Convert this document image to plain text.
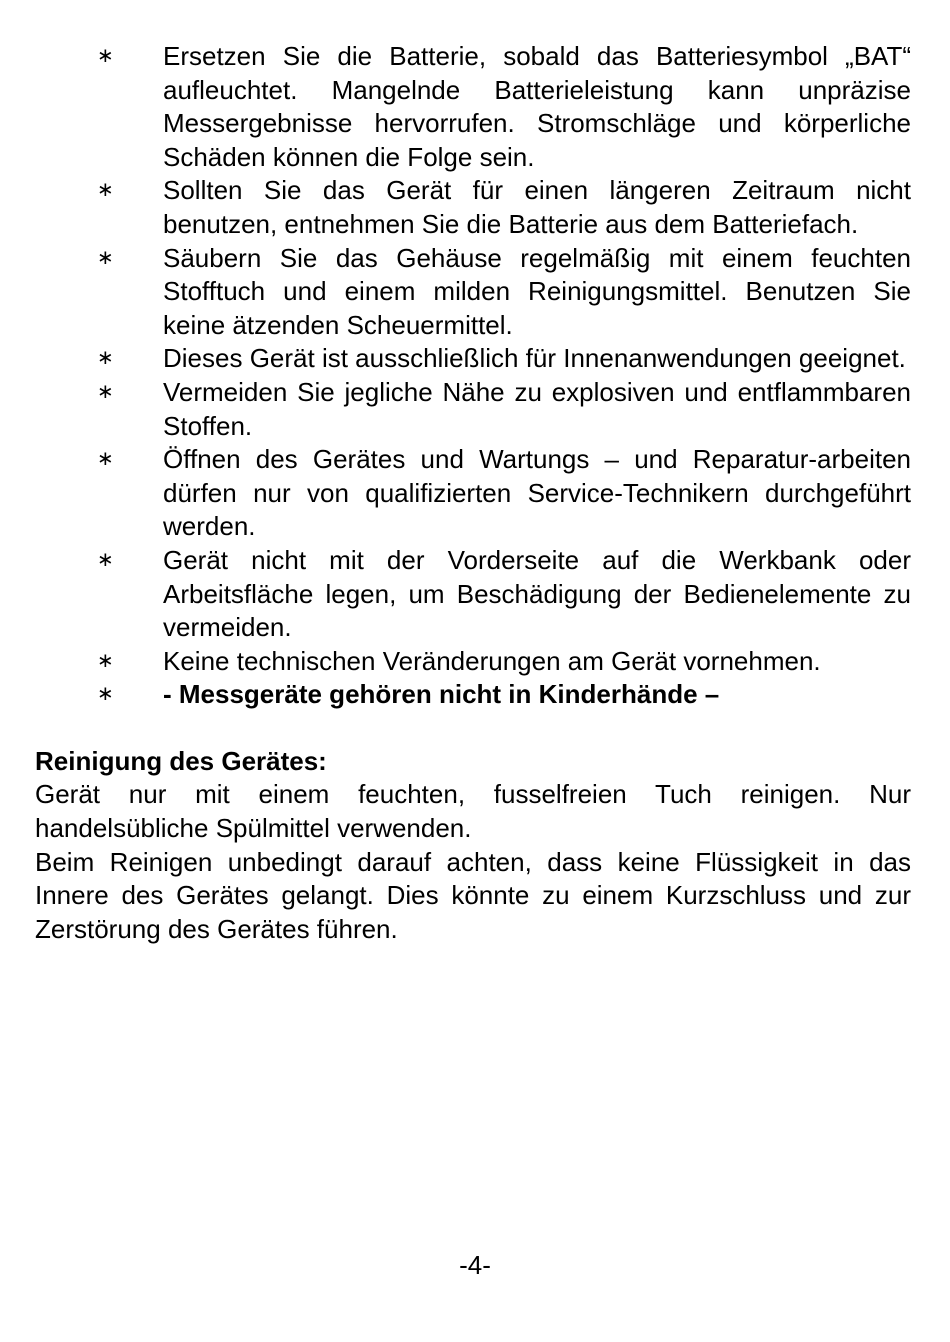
∗ Ersetzen Sie die Batterie, sobald das Batteriesymbol „BAT“ aufleuchtet. Mangelnde Batterieleistung kann unpräzise Messergebnisse hervorrufen. Stromschläge und körperliche Schäden können die Folge sein.
∗ Sollten Sie das Gerät für einen längeren Zeitraum nicht benutzen, entnehmen Sie die Batterie aus dem Batteriefach.
∗ Säubern Sie das Gehäuse regelmäßig mit einem feuchten Stofftuch und einem milden Reinigungsmittel. Benutzen Sie keine ätzenden Scheuermittel.
∗ Dieses Gerät ist ausschließlich für Innenanwendungen geeignet.
∗ Vermeiden Sie jegliche Nähe zu explosiven und entflammbaren Stoffen.
∗ Öffnen des Gerätes und Wartungs – und Reparatur-arbeiten dürfen nur von qualifizierten Service-Technikern durchgeführt werden.
∗ Gerät nicht mit der Vorderseite auf die Werkbank oder Arbeitsfläche legen, um Beschädigung der Bedienelemente zu vermeiden.
∗ Keine technischen Veränderungen am Gerät vornehmen.
∗ - Messgeräte gehören nicht in Kinderhände –

Reinigung des Gerätes:

Gerät nur mit einem feuchten, fusselfreien Tuch reinigen. Nur handelsübliche Spülmittel verwenden.

Beim Reinigen unbedingt darauf achten, dass keine Flüssigkeit in das Innere des Gerätes gelangt. Dies könnte zu einem Kurzschluss und zur Zerstörung des Gerätes führen.

-4-
